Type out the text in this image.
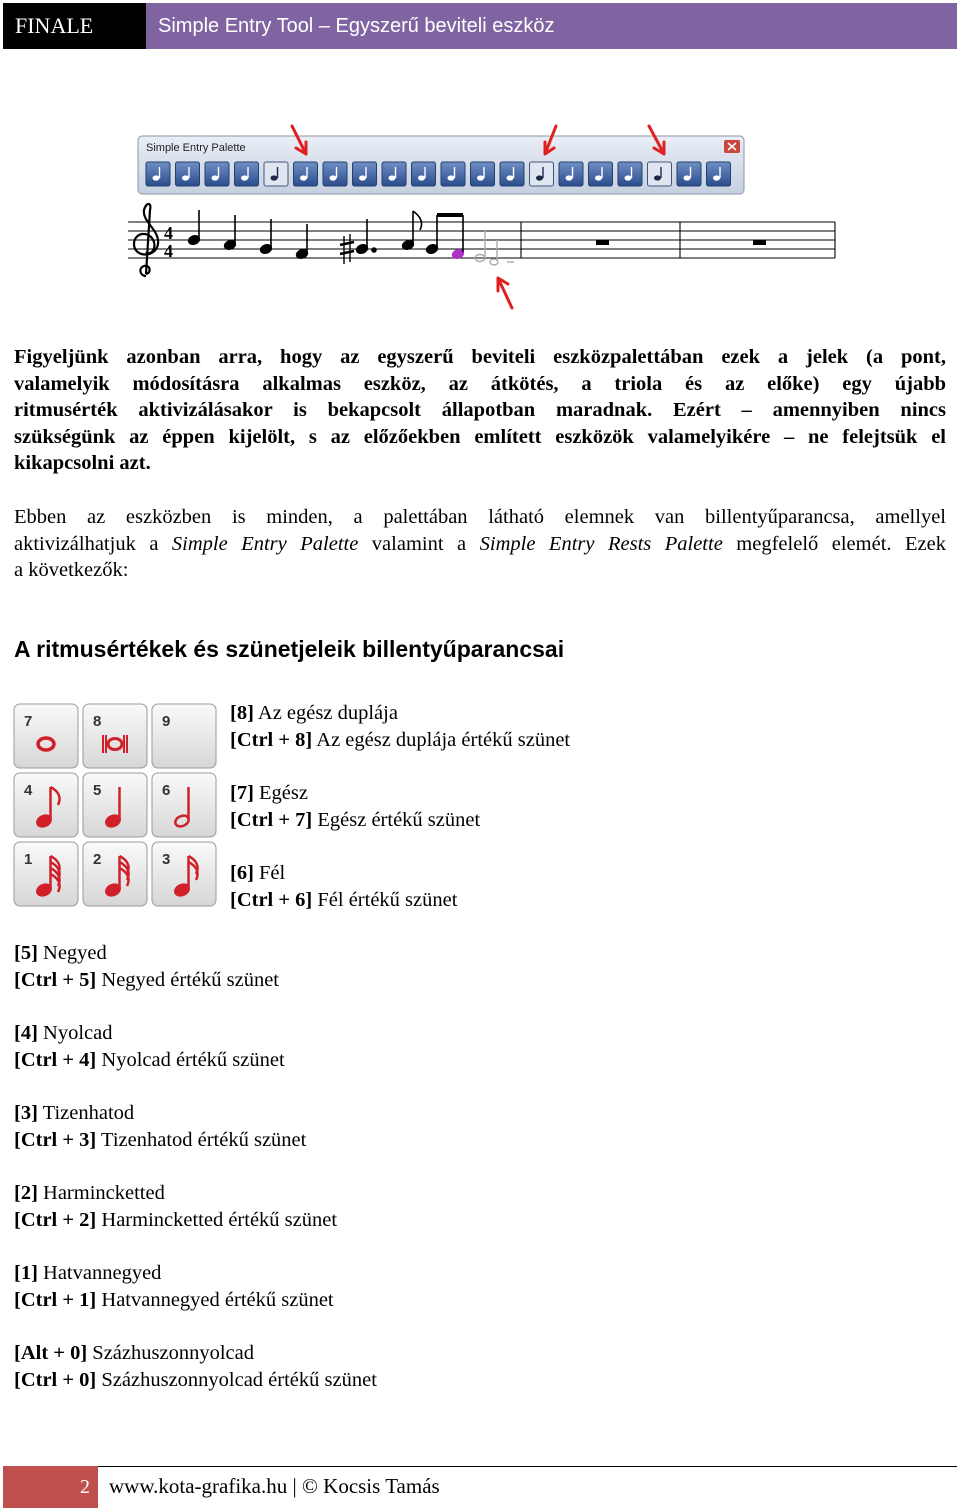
FINALE	Simple Entry Tool – Egyszerű beviteli eszköz
Simple Entry Palette
4
4
Figyeljünk azonban arra, hogy az egyszerű beviteli eszközpalettában ezek a jelek (a pont,
valamelyik módosításra alkalmas eszköz, az átkötés, a triola és az előke) egy újabb
ritmusérték aktivizálásakor is bekapcsolt állapotban maradnak. Ezért – amennyiben nincs
szükségünk az éppen kijelölt, s az előzőekben említett eszközök valamelyikére – ne felejtsük el
kikapcsolni azt.
Ebben az eszközben is minden, a palettában látható elemnek van billentyűparancsa, amellyel
aktivizálhatjuk a Simple Entry Palette valamint a Simple Entry Rests Palette megfelelő elemét. Ezek
a következők:
A ritmusértékek és szünetjeleik billentyűparancsai
7	8	9
4	5	6
1	2	3
[8] Az egész duplája
[Ctrl + 8] Az egész duplája értékű szünet
[7] Egész
[Ctrl + 7] Egész értékű szünet
[6] Fél
[Ctrl + 6] Fél értékű szünet
[5] Negyed
[Ctrl + 5] Negyed értékű szünet
[4] Nyolcad
[Ctrl + 4] Nyolcad értékű szünet
[3] Tizenhatod
[Ctrl + 3] Tizenhatod értékű szünet
[2] Harmincketted
[Ctrl + 2] Harmincketted értékű szünet
[1] Hatvannegyed
[Ctrl + 1] Hatvannegyed értékű szünet
[Alt + 0] Százhuszonnyolcad
[Ctrl + 0] Százhuszonnyolcad értékű szünet
2 www.kota-grafika.hu | © Kocsis Tamás
